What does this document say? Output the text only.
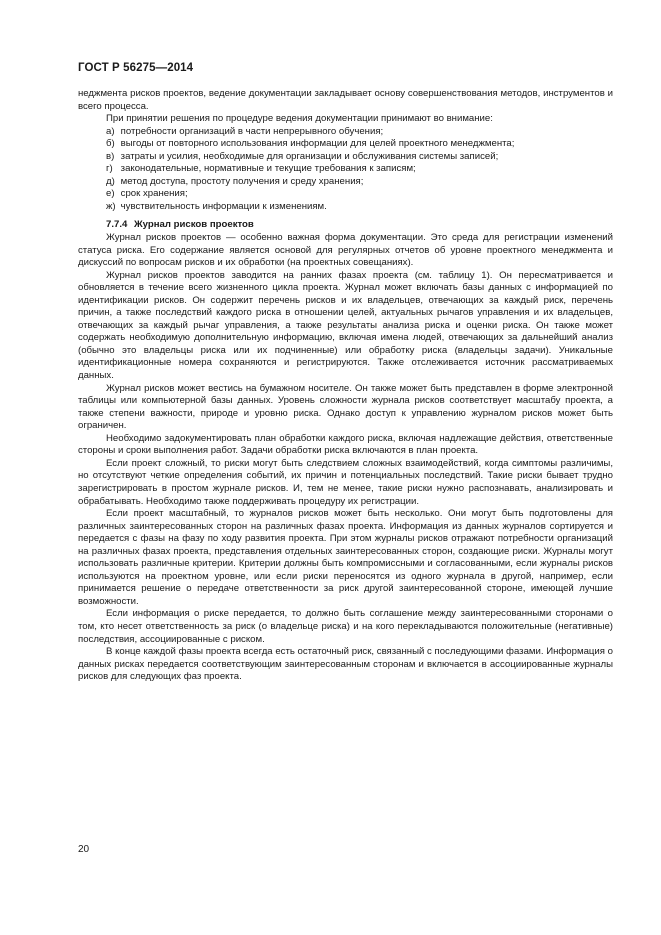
ГОСТ Р 56275—2014

неджмента рисков проектов, ведение документации закладывает основу совершенствования методов, инструментов и всего процесса.

При принятии решения по процедуре ведения документации принимают во внимание:

а) потребности организаций в части непрерывного обучения;

б) выгоды от повторного использования информации для целей проектного менеджмента;

в) затраты и усилия, необходимые для организации и обслуживания системы записей;

г) законодательные, нормативные и текущие требования к записям;

д) метод доступа, простоту получения и среду хранения;

е) срок хранения;

ж) чувствительность информации к изменениям.

7.7.4 Журнал рисков проектов

Журнал рисков проектов — особенно важная форма документации. Это среда для регистрации изменений статуса риска. Его содержание является основой для регулярных отчетов об уровне проектного менеджмента и дискуссий по вопросам рисков и их обработки (на проектных совещаниях).

Журнал рисков проектов заводится на ранних фазах проекта (см. таблицу 1). Он пересматривается и обновляется в течение всего жизненного цикла проекта. Журнал может включать базы данных с информацией по идентификации рисков. Он содержит перечень рисков и их владельцев, отвечающих за каждый риск, перечень причин, а также последствий каждого риска в отношении целей, актуальных рычагов управления и их владельцев, отвечающих за каждый рычаг управления, а также результаты анализа риска и оценки риска. Он также может содержать необходимую дополнительную информацию, включая имена людей, отвечающих за дальнейший анализ (обычно это владельцы риска или их подчиненные) или обработку риска (владельцы задачи). Уникальные идентификационные номера сохраняются и регистрируются. Также отслеживается источник рассматриваемых данных.

Журнал рисков может вестись на бумажном носителе. Он также может быть представлен в форме электронной таблицы или компьютерной базы данных. Уровень сложности журнала рисков соответствует масштабу проекта, а также степени важности, природе и уровню риска. Однако доступ к управлению журналом рисков может быть ограничен.

Необходимо задокументировать план обработки каждого риска, включая надлежащие действия, ответственные стороны и сроки выполнения работ. Задачи обработки риска включаются в план проекта.

Если проект сложный, то риски могут быть следствием сложных взаимодействий, когда симптомы различимы, но отсутствуют четкие определения событий, их причин и потенциальных последствий. Такие риски бывает трудно зарегистрировать в простом журнале рисков. И, тем не менее, такие риски нужно распознавать, анализировать и обрабатывать. Необходимо также поддерживать процедуру их регистрации.

Если проект масштабный, то журналов рисков может быть несколько. Они могут быть подготовлены для различных заинтересованных сторон на различных фазах проекта. Информация из данных журналов сортируется и передается с фазы на фазу по ходу развития проекта. При этом журналы рисков отражают потребности организаций на различных фазах проекта, представления отдельных заинтересованных сторон, создающие риски. Журналы могут использовать различные критерии. Критерии должны быть компромиссными и согласованными, если журналы рисков используются на проектном уровне, или если риски переносятся из одного журнала в другой, например, если принимается решение о передаче ответственности за риск другой заинтересованной стороне, имеющей лучшие возможности.

Если информация о риске передается, то должно быть соглашение между заинтересованными сторонами о том, кто несет ответственность за риск (о владельце риска) и на кого перекладываются положительные (негативные) последствия, ассоциированные с риском.

В конце каждой фазы проекта всегда есть остаточный риск, связанный с последующими фазами. Информация о данных рисках передается соответствующим заинтересованным сторонам и включается в ассоциированные журналы рисков для следующих фаз проекта.

20
